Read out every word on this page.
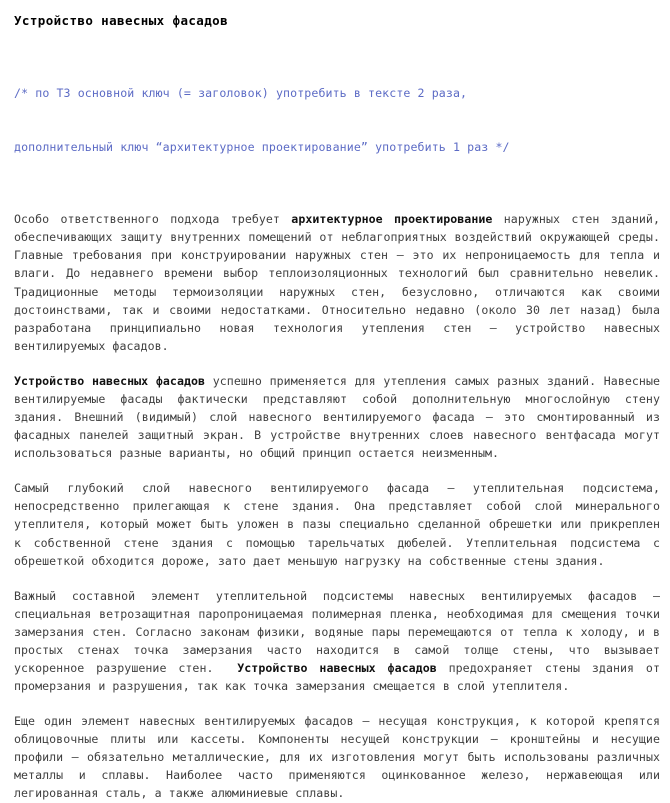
Устройство навесных фасадов

/* по ТЗ основной ключ (= заголовок) употребить в тексте 2 раза,

дополнительный ключ “архитектурное проектирование” употребить 1 раз */

Особо ответственного подхода требует архитектурное проектирование наружных стен зданий, обеспечивающих защиту внутренних помещений от неблагоприятных воздействий окружающей среды. Главные требования при конструировании наружных стен – это их непроницаемость для тепла и влаги. До недавнего времени выбор теплоизоляционных технологий был сравнительно невелик. Традиционные методы термоизоляции наружных стен, безусловно, отличаются как своими достоинствами, так и своими недостатками. Относительно недавно (около 30 лет назад) была разработана принципиально новая технология утепления стен – устройство навесных вентилируемых фасадов.

Устройство навесных фасадов успешно применяется для утепления самых разных зданий. Навесные вентилируемые фасады фактически представляют собой дополнительную многослойную стену здания. Внешний (видимый) слой навесного вентилируемого фасада – это смонтированный из фасадных панелей защитный экран. В устройстве внутренних слоев навесного вентфасада могут использоваться разные варианты, но общий принцип остается неизменным.

Самый глубокий слой навесного вентилируемого фасада – утеплительная подсистема, непосредственно прилегающая к стене здания. Она представляет собой слой минерального утеплителя, который может быть уложен в пазы специально сделанной обрешетки или прикреплен к собственной стене здания с помощью тарельчатых дюбелей. Утеплительная подсистема с обрешеткой обходится дороже, зато дает меньшую нагрузку на собственные стены здания.

Важный составной элемент утеплительной подсистемы навесных вентилируемых фасадов – специальная ветрозащитная паропроницаемая полимерная пленка, необходимая для смещения точки замерзания стен. Согласно законам физики, водяные пары перемещаются от тепла к холоду, и в простых стенах точка замерзания часто находится в самой толще стены, что вызывает ускоренное разрушение стен. Устройство навесных фасадов предохраняет стены здания от промерзания и разрушения, так как точка замерзания смещается в слой утеплителя.

Еще один элемент навесных вентилируемых фасадов – несущая конструкция, к которой крепятся облицовочные плиты или кассеты. Компоненты несущей конструкции – кронштейны и несущие профили – обязательно металлические, для их изготовления могут быть использованы различных металлы и сплавы. Наиболее часто применяются оцинкованное железо, нержавеющая или легированная сталь, а также алюминиевые сплавы.
